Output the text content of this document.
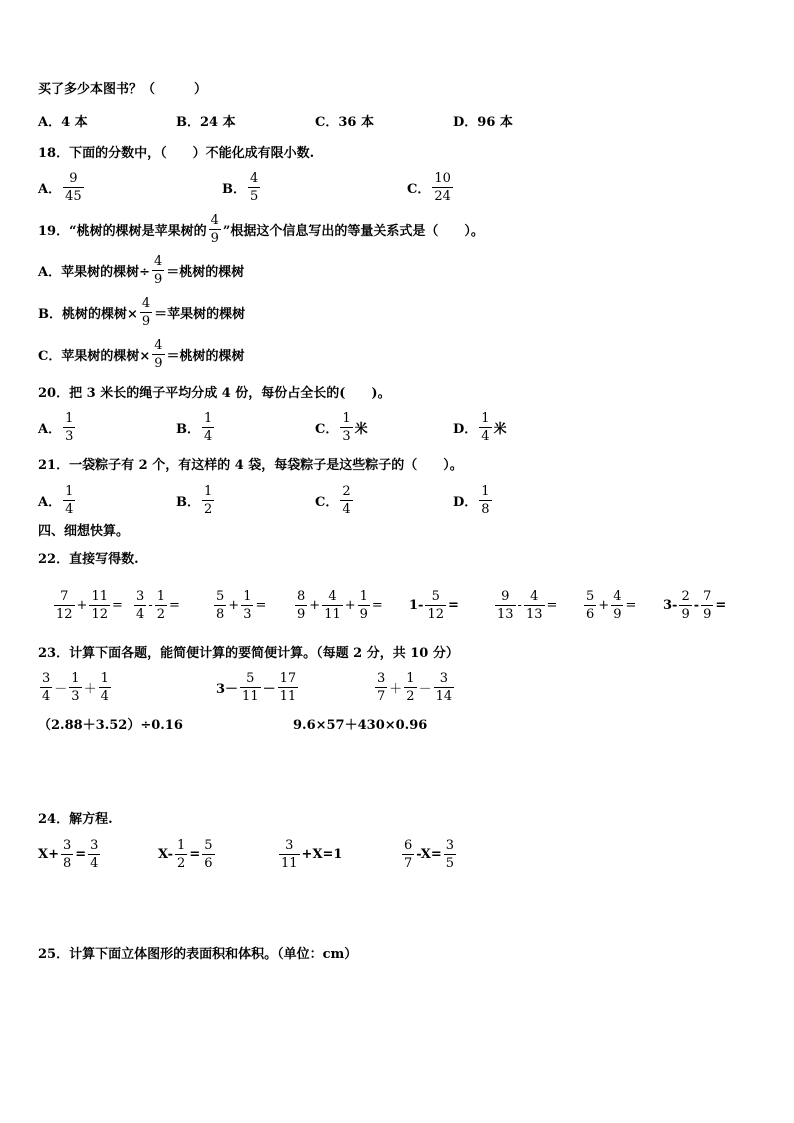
买了多少本图书？（　　　）
A．4 本	B．24 本	C．36 本	D．96 本
18．下面的分数中，（　　）不能化成有限小数.
A． $\frac{9}{45}$	B． $\frac{4}{5}$	C． $\frac{10}{24}$
19．“桃树的棵树是苹果树的 $\frac{4}{9}$ ”根据这个信息写出的等量关系式是（　　）。
A．苹果树的棵树÷ $\frac{4}{9}$ ＝桃树的棵树
B．桃树的棵树× $\frac{4}{9}$ ＝苹果树的棵树
C．苹果树的棵树× $\frac{4}{9}$ ＝桃树的棵树
20．把 3 米长的绳子平均分成 4 份，每份占全长的(　　)。
A． $\frac{1}{3}$	B． $\frac{1}{4}$	C． $\frac{1}{3}$ 米	D． $\frac{1}{4}$ 米
21．一袋粽子有 2 个，有这样的 4 袋，每袋粽子是这些粽子的（　　）。
A． $\frac{1}{4}$	B． $\frac{1}{2}$	C． $\frac{2}{4}$	D． $\frac{1}{8}$
四、细想快算。
22．直接写得数.
$\frac{7}{12} + \frac{11}{12} = \frac{3}{4} - \frac{1}{2}$ =	$\frac{5}{8} + \frac{1}{3} = \frac{8}{9} + \frac{4}{11} + \frac{1}{9} = 1- \frac{5}{12}$ =	$\frac{9}{13} - \frac{4}{13} = \frac{5}{6} + \frac{4}{9} = 3- \frac{2}{9} - \frac{7}{9}$ =
23．计算下面各题，能简便计算的要简便计算。（每题 2 分，共 10 分）
$\frac{3}{4} - \frac{1}{3} + \frac{1}{4}$	$3- \frac{5}{11} - \frac{17}{11}$	$\frac{3}{7} + \frac{1}{2} - \frac{3}{14}$
（2.88＋3.52）÷0.16	9.6×57＋430×0.96
24．解方程.
$X+ \frac{3}{8} = \frac{3}{4}$	$X- \frac{1}{2} = \frac{5}{6}$	$\frac{3}{11} +X=1$	$\frac{6}{7} -X= \frac{3}{5}$
25．计算下面立体图形的表面积和体积。（单位：cm）
